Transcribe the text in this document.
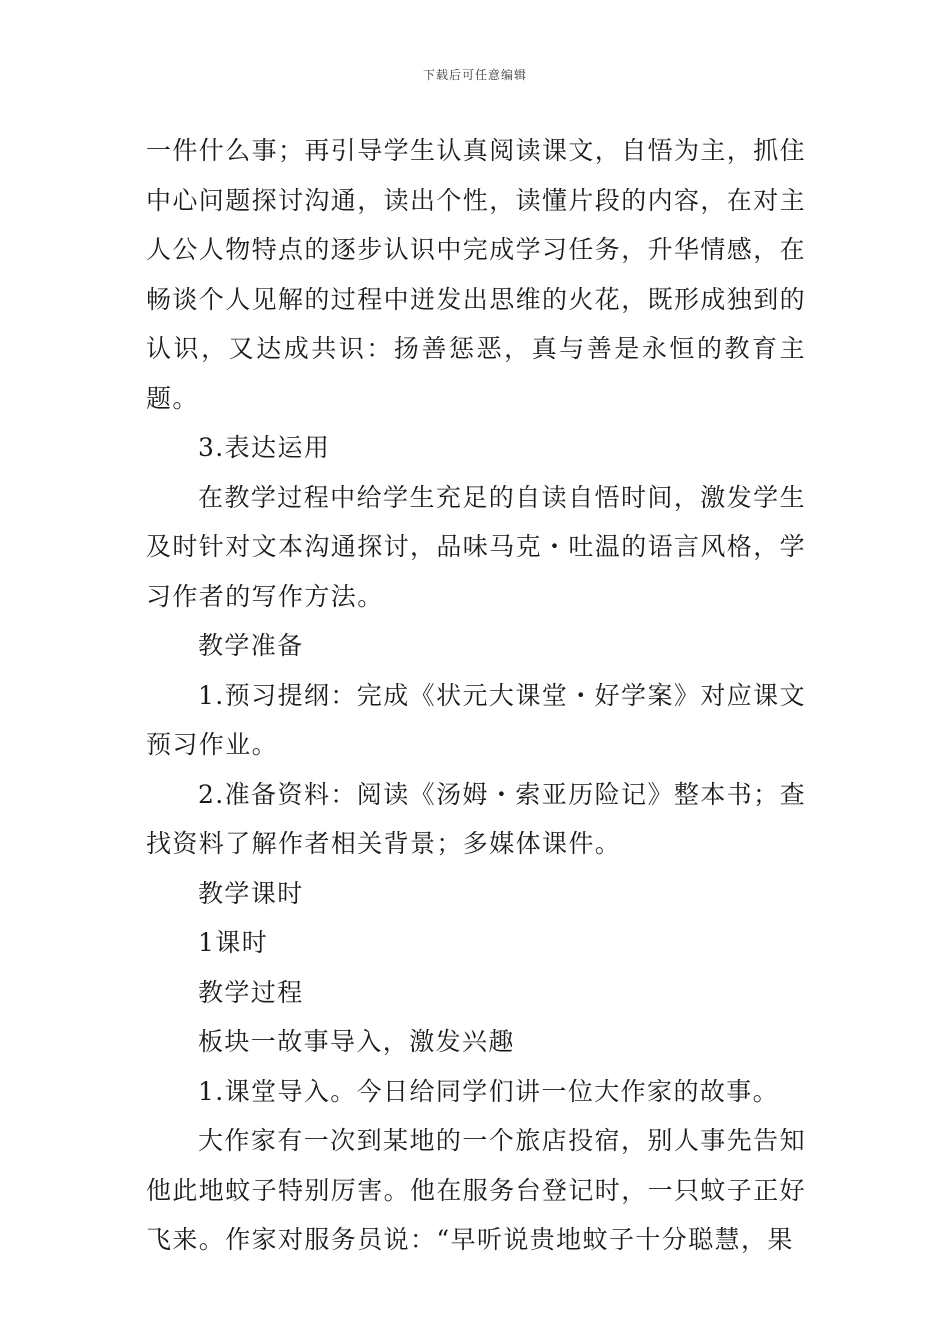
下载后可任意编辑

一件什么事；再引导学生认真阅读课文，自悟为主，抓住中心问题探讨沟通，读出个性，读懂片段的内容，在对主人公人物特点的逐步认识中完成学习任务，升华情感，在畅谈个人见解的过程中迸发出思维的火花，既形成独到的认识，又达成共识：扬善惩恶，真与善是永恒的教育主题。

3.表达运用

在教学过程中给学生充足的自读自悟时间，激发学生及时针对文本沟通探讨，品味马克・吐温的语言风格，学习作者的写作方法。

教学准备

1.预习提纲：完成《状元大课堂・好学案》对应课文预习作业。

2.准备资料：阅读《汤姆・索亚历险记》整本书；查找资料了解作者相关背景；多媒体课件。

教学课时

1课时

教学过程

板块一故事导入，激发兴趣

1.课堂导入。今日给同学们讲一位大作家的故事。

大作家有一次到某地的一个旅店投宿，别人事先告知他此地蚊子特别厉害。他在服务台登记时，一只蚊子正好飞来。作家对服务员说：“早听说贵地蚊子十分聪慧，果
